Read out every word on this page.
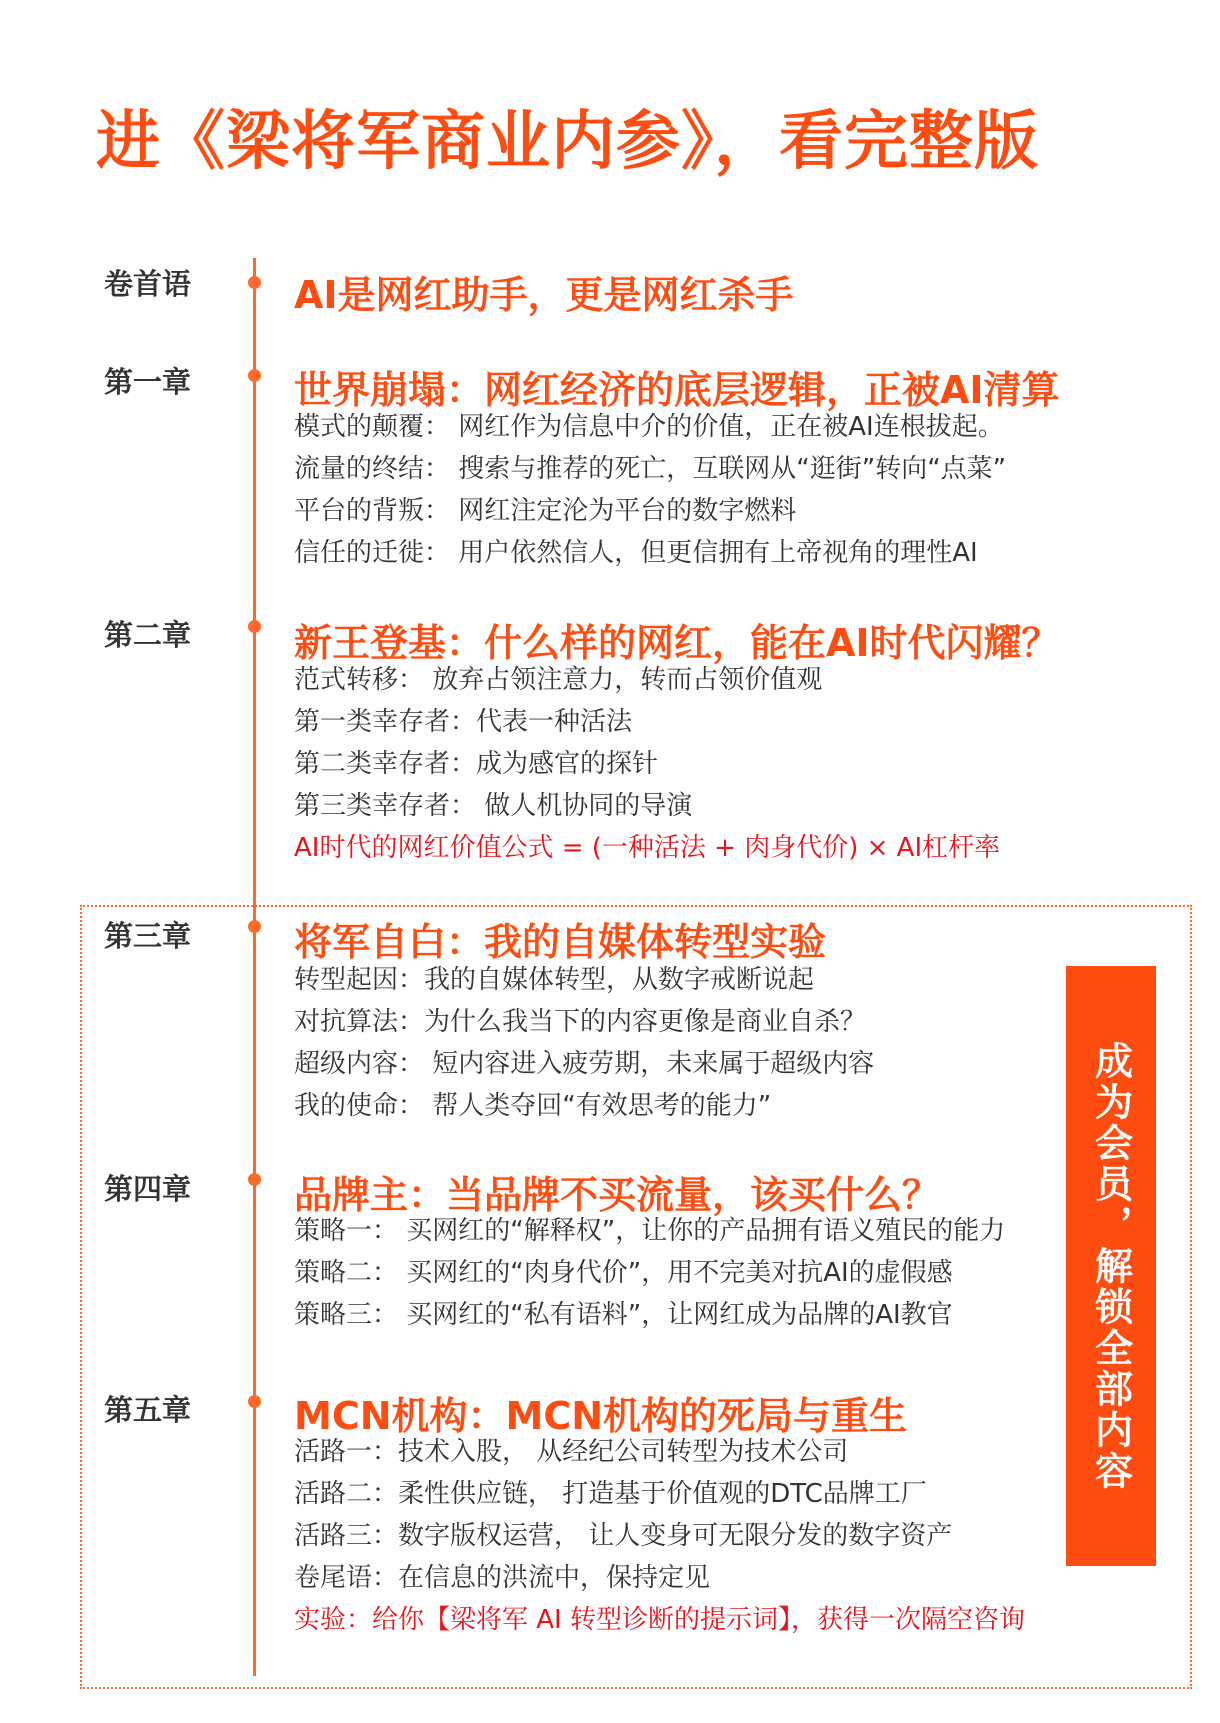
进《梁将军商业内参》，看完整版
卷首语	AI是网红助手，更是网红杀手
第一章	世界崩塌：网红经济的底层逻辑，正被AI清算
模式的颠覆： 网红作为信息中介的价值，正在被AI连根拔起。
流量的终结： 搜索与推荐的死亡，互联网从“逛街”转向“点菜”
平台的背叛： 网红注定沦为平台的数字燃料
信任的迁徙： 用户依然信人，但更信拥有上帝视角的理性AI
第二章	新王登基：什么样的网红，能在AI时代闪耀？
范式转移： 放弃占领注意力，转而占领价值观
第一类幸存者：代表一种活法
第二类幸存者：成为感官的探针
第三类幸存者： 做人机协同的导演
AI时代的网红价值公式 = (一种活法 + 肉身代价) × AI杠杆率
第三章	将军自白：我的自媒体转型实验
转型起因：我的自媒体转型，从数字戒断说起
对抗算法：为什么我当下的内容更像是商业自杀？
超级内容： 短内容进入疲劳期，未来属于超级内容
我的使命： 帮人类夺回“有效思考的能力”
第四章	品牌主：当品牌不买流量，该买什么？
策略一： 买网红的“解释权”，让你的产品拥有语义殖民的能力
策略二： 买网红的“肉身代价”，用不完美对抗AI的虚假感
策略三： 买网红的“私有语料”，让网红成为品牌的AI教官
第五章	MCN机构：MCN机构的死局与重生
活路一：技术入股， 从经纪公司转型为技术公司
活路二：柔性供应链， 打造基于价值观的DTC品牌工厂
活路三：数字版权运营， 让人变身可无限分发的数字资产
卷尾语：在信息的洪流中，保持定见
实验：给你【梁将军 AI 转型诊断的提示词】，获得一次隔空咨询
成为会员，解锁全部内容
